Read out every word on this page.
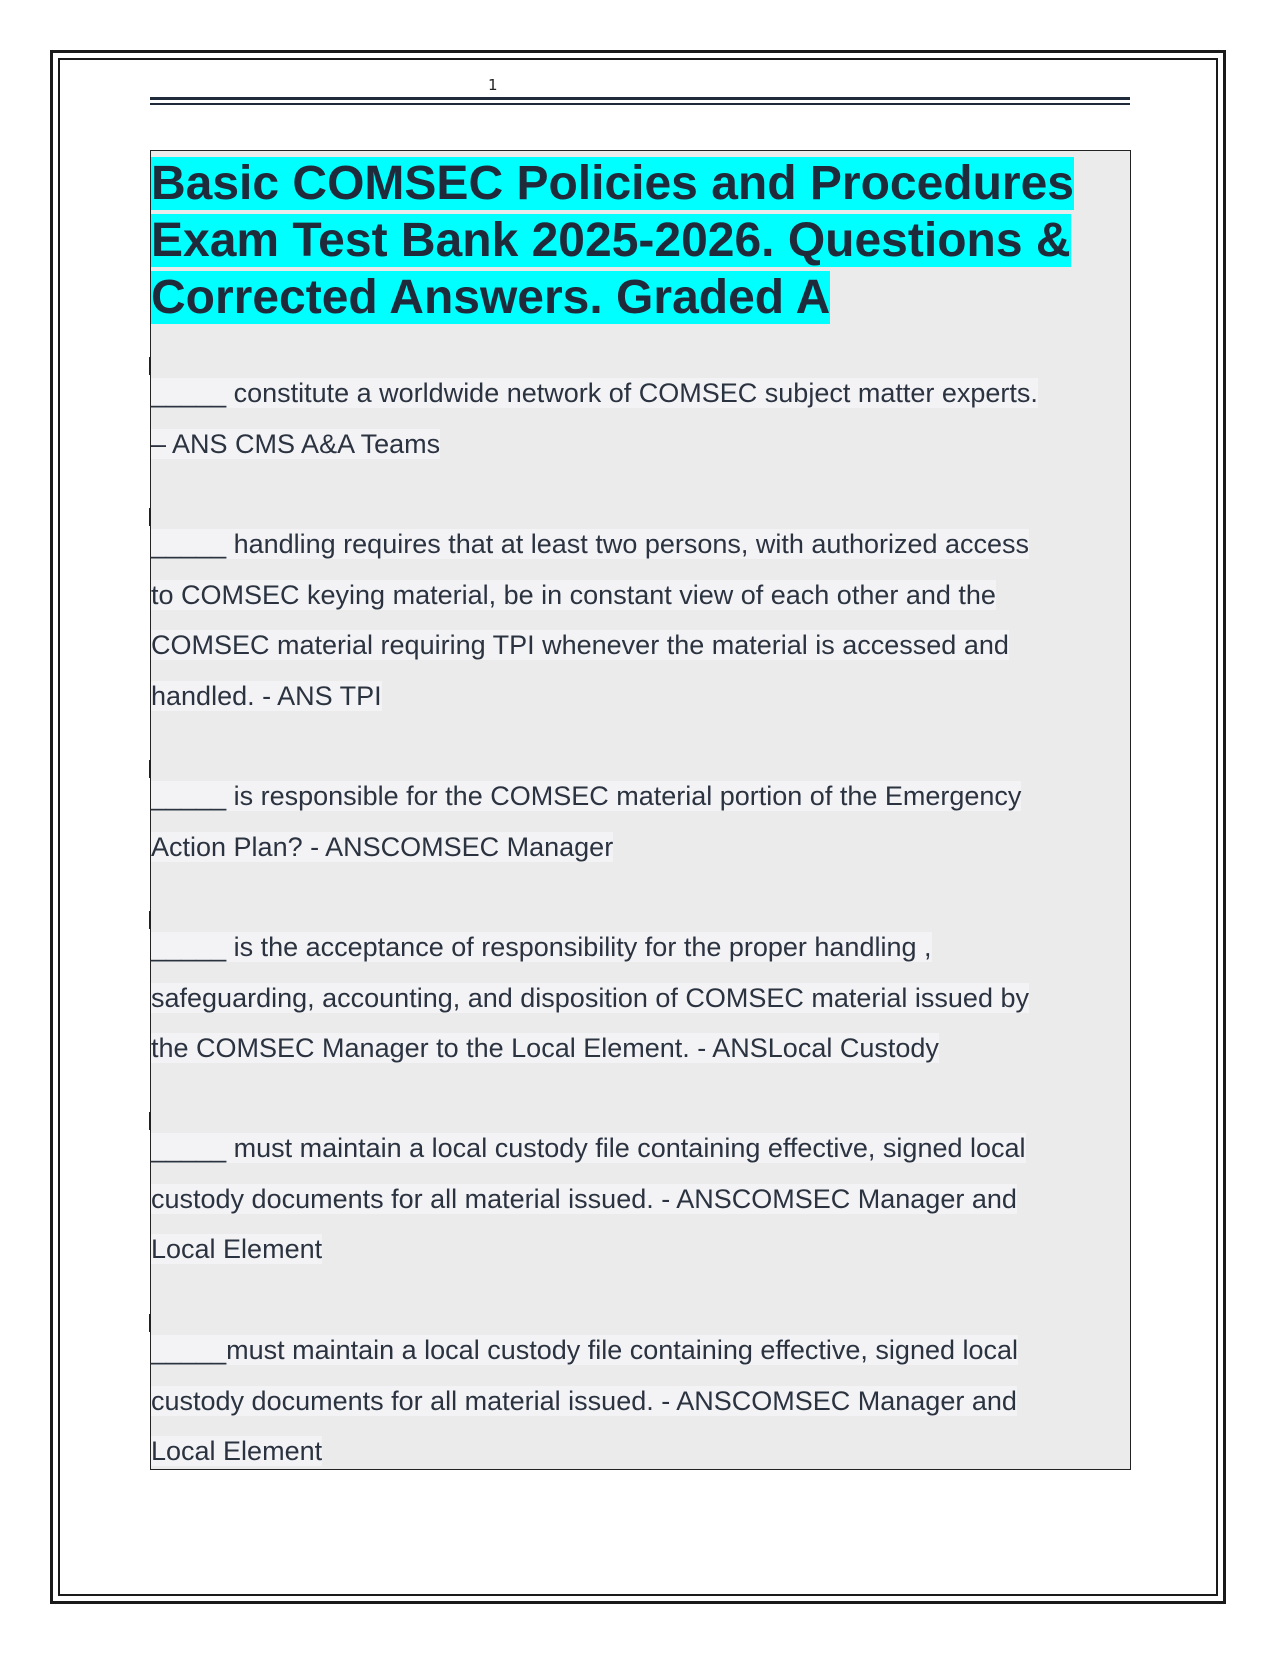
1
Basic COMSEC Policies and Procedures
Exam Test Bank 2025-2026. Questions &
Corrected Answers. Graded A
_____ constitute a worldwide network of COMSEC subject matter experts.
– ANS CMS A&A Teams
_____ handling requires that at least two persons, with authorized access
to COMSEC keying material, be in constant view of each other and the
COMSEC material requiring TPI whenever the material is accessed and
handled. - ANS TPI
_____ is responsible for the COMSEC material portion of the Emergency
Action Plan? - ANSCOMSEC Manager
_____ is the acceptance of responsibility for the proper handling ,
safeguarding, accounting, and disposition of COMSEC material issued by
the COMSEC Manager to the Local Element. - ANSLocal Custody
_____ must maintain a local custody file containing effective, signed local
custody documents for all material issued. - ANSCOMSEC Manager and
Local Element
_____must maintain a local custody file containing effective, signed local
custody documents for all material issued. - ANSCOMSEC Manager and
Local Element
